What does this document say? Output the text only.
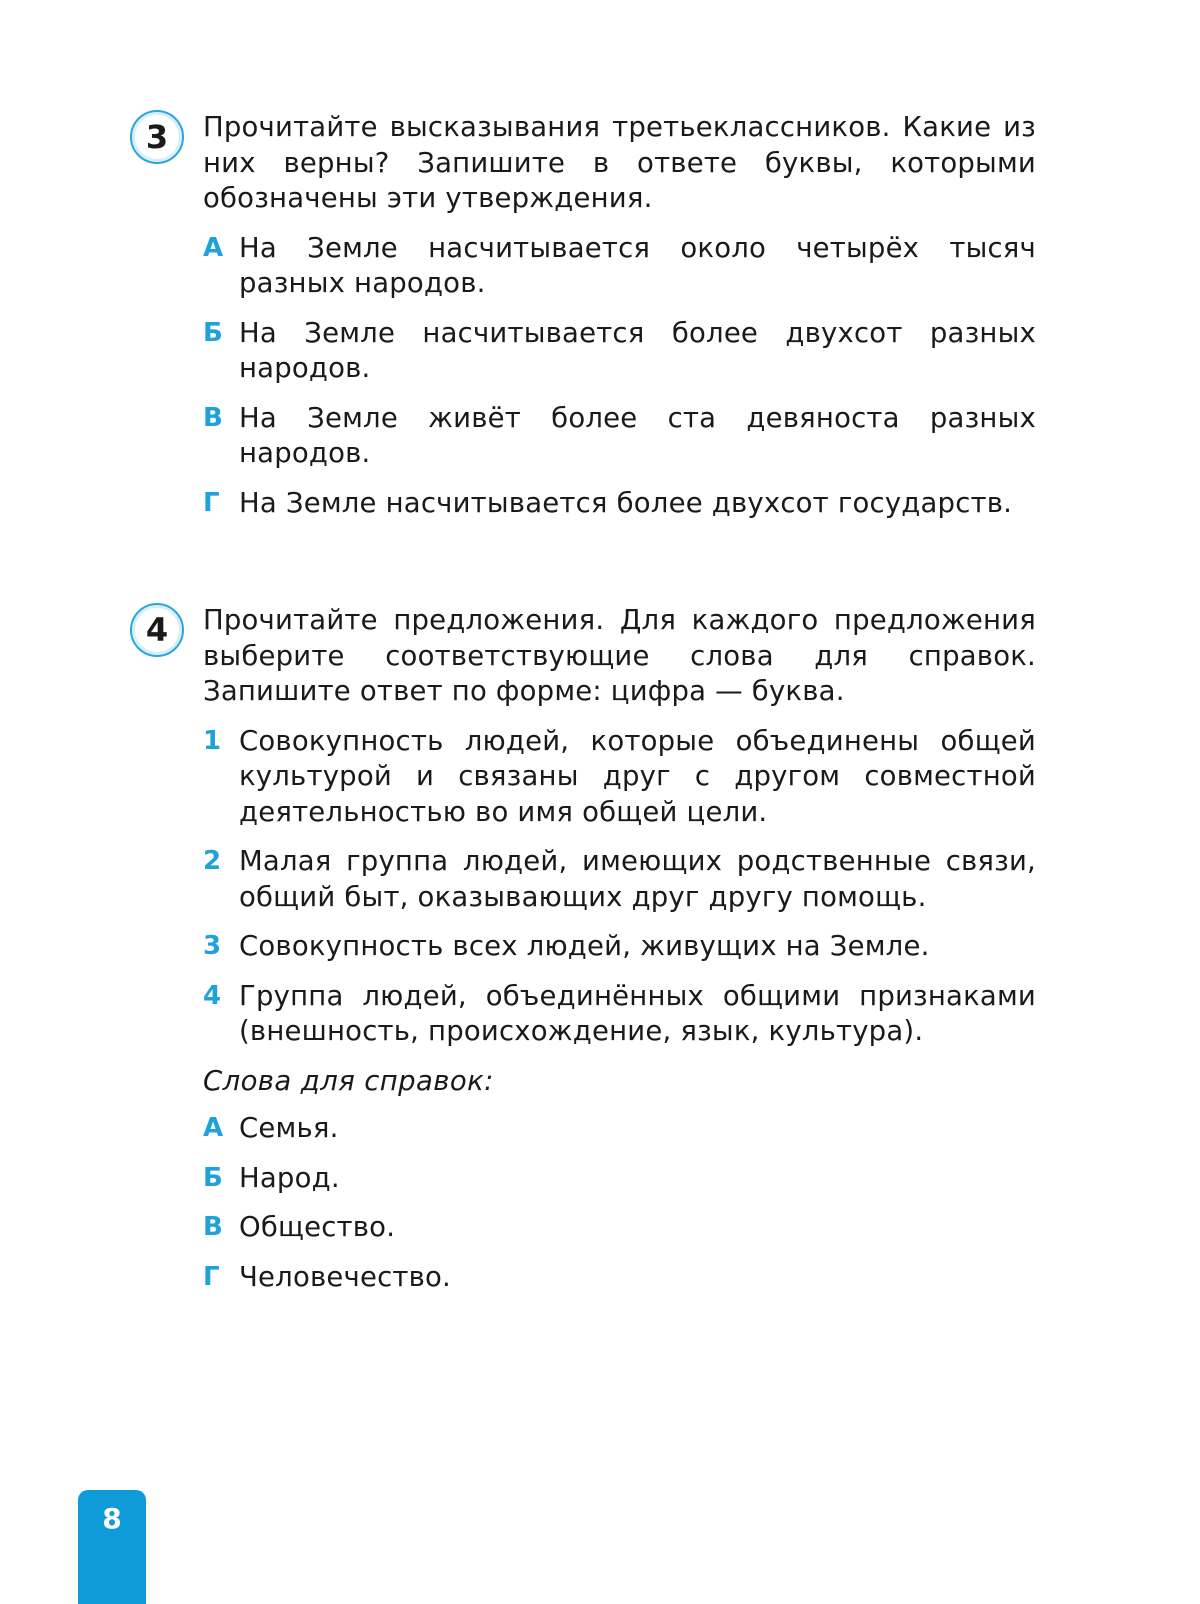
3	Прочитайте высказывания третьеклассников. Какие из них верны? Запишите в ответе буквы, которыми обозначены эти утверждения.

А На Земле насчитывается около четырёх тысяч разных народов.
Б На Земле насчитывается более двухсот разных народов.
В На Земле живёт более ста девяноста разных народов.
Г На Земле насчитывается более двухсот государств.
4	Прочитайте предложения. Для каждого предложения выберите соответствующие слова для справок. Запишите ответ по форме: цифра — буква.

1 Совокупность людей, которые объединены общей культурой и связаны друг с другом совместной деятельностью во имя общей цели.
2 Малая группа людей, имеющих родственные связи, общий быт, оказывающих друг другу помощь.
3 Совокупность всех людей, живущих на Земле.
4 Группа людей, объединённых общими признаками (внешность, происхождение, язык, культура).

Слова для справок:

А Семья.
Б Народ.
В Общество.
Г Человечество.
8
